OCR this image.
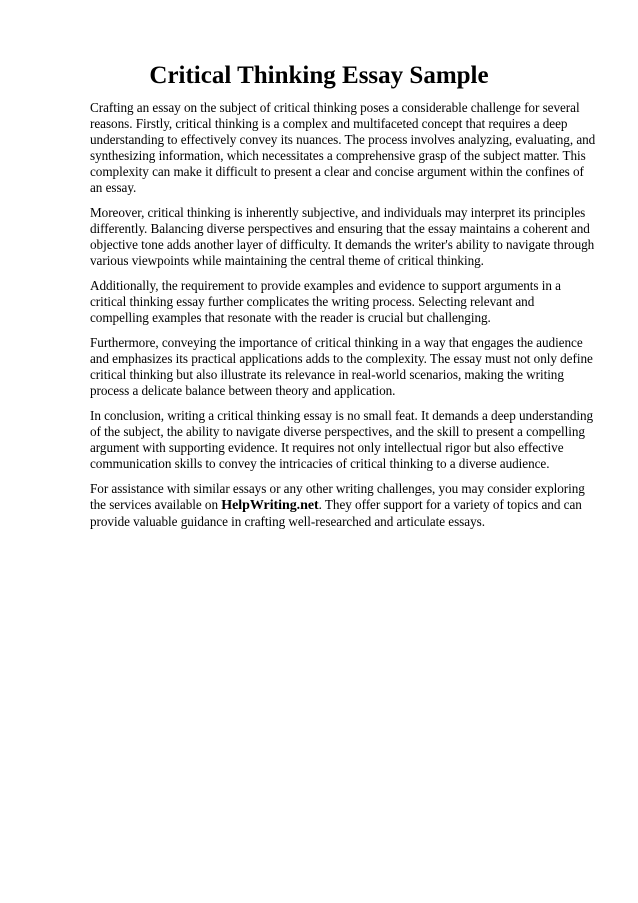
Critical Thinking Essay Sample

Crafting an essay on the subject of critical thinking poses a considerable challenge for several reasons. Firstly, critical thinking is a complex and multifaceted concept that requires a deep understanding to effectively convey its nuances. The process involves analyzing, evaluating, and synthesizing information, which necessitates a comprehensive grasp of the subject matter. This complexity can make it difficult to present a clear and concise argument within the confines of an essay.

Moreover, critical thinking is inherently subjective, and individuals may interpret its principles differently. Balancing diverse perspectives and ensuring that the essay maintains a coherent and objective tone adds another layer of difficulty. It demands the writer's ability to navigate through various viewpoints while maintaining the central theme of critical thinking.

Additionally, the requirement to provide examples and evidence to support arguments in a critical thinking essay further complicates the writing process. Selecting relevant and compelling examples that resonate with the reader is crucial but challenging.

Furthermore, conveying the importance of critical thinking in a way that engages the audience and emphasizes its practical applications adds to the complexity. The essay must not only define critical thinking but also illustrate its relevance in real-world scenarios, making the writing process a delicate balance between theory and application.

In conclusion, writing a critical thinking essay is no small feat. It demands a deep understanding of the subject, the ability to navigate diverse perspectives, and the skill to present a compelling argument with supporting evidence. It requires not only intellectual rigor but also effective communication skills to convey the intricacies of critical thinking to a diverse audience.

For assistance with similar essays or any other writing challenges, you may consider exploring the services available on HelpWriting.net. They offer support for a variety of topics and can provide valuable guidance in crafting well-researched and articulate essays.
